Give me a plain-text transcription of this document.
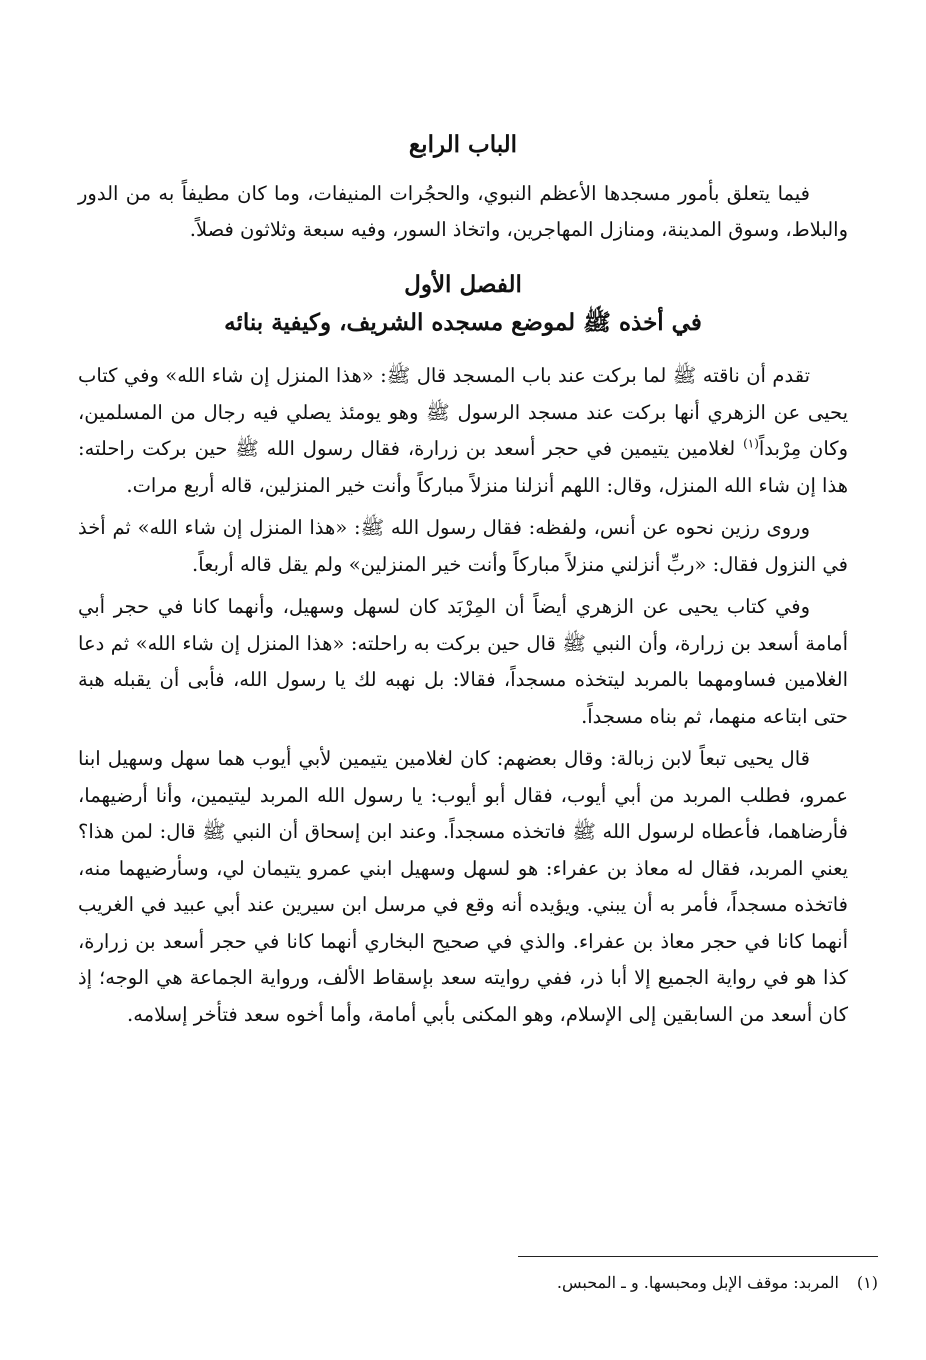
الباب الرابع

فيما يتعلق بأمور مسجدها الأعظم النبوي، والحجُرات المنيفات، وما كان مطيفاً به من الدور والبلاط، وسوق المدينة، ومنازل المهاجرين، واتخاذ السور، وفيه سبعة وثلاثون فصلاً.

الفصل الأول
في أخذه ﷺ لموضع مسجده الشريف، وكيفية بنائه

تقدم أن ناقته ﷺ لما بركت عند باب المسجد قال ﷺ: «هذا المنزل إن شاء الله» وفي كتاب يحيى عن الزهري أنها بركت عند مسجد الرسول ﷺ وهو يومئذ يصلي فيه رجال من المسلمين، وكان مِرْبداً$^{(١)}$ لغلامين يتيمين في حجر أسعد بن زرارة، فقال رسول الله ﷺ حين بركت راحلته: هذا إن شاء الله المنزل، وقال: اللهم أنزلنا منزلاً مباركاً وأنت خير المنزلين، قاله أربع مرات.

وروى رزين نحوه عن أنس، ولفظه: فقال رسول الله ﷺ: «هذا المنزل إن شاء الله» ثم أخذ في النزول فقال: «ربِّ أنزلني منزلاً مباركاً وأنت خير المنزلين» ولم يقل قاله أربعاً.

وفي كتاب يحيى عن الزهري أيضاً أن المِرْبَد كان لسهل وسهيل، وأنهما كانا في حجر أبي أمامة أسعد بن زرارة، وأن النبي ﷺ قال حين بركت به راحلته: «هذا المنزل إن شاء الله» ثم دعا الغلامين فساومهما بالمربد ليتخذه مسجداً، فقالا: بل نهبه لك يا رسول الله، فأبى أن يقبله هبة حتى ابتاعه منهما، ثم بناه مسجداً.

قال يحيى تبعاً لابن زبالة: وقال بعضهم: كان لغلامين يتيمين لأبي أيوب هما سهل وسهيل ابنا عمرو، فطلب المربد من أبي أيوب، فقال أبو أيوب: يا رسول الله المربد ليتيمين، وأنا أرضيهما، فأرضاهما، فأعطاه لرسول الله ﷺ فاتخذه مسجداً. وعند ابن إسحاق أن النبي ﷺ قال: لمن هذا؟ يعني المربد، فقال له معاذ بن عفراء: هو لسهل وسهيل ابني عمرو يتيمان لي، وسأرضيهما منه، فاتخذه مسجداً، فأمر به أن يبني. ويؤيده أنه وقع في مرسل ابن سيرين عند أبي عبيد في الغريب أنهما كانا في حجر معاذ بن عفراء. والذي في صحيح البخاري أنهما كانا في حجر أسعد بن زرارة، كذا هو في رواية الجميع إلا أبا ذر، ففي روايته سعد بإسقاط الألف، ورواية الجماعة هي الوجه؛ إذ كان أسعد من السابقين إلى الإسلام، وهو المكنى بأبي أمامة، وأما أخوه سعد فتأخر إسلامه.

(١)المربد: موقف الإبل ومحبسها. و ـ المحبس.
